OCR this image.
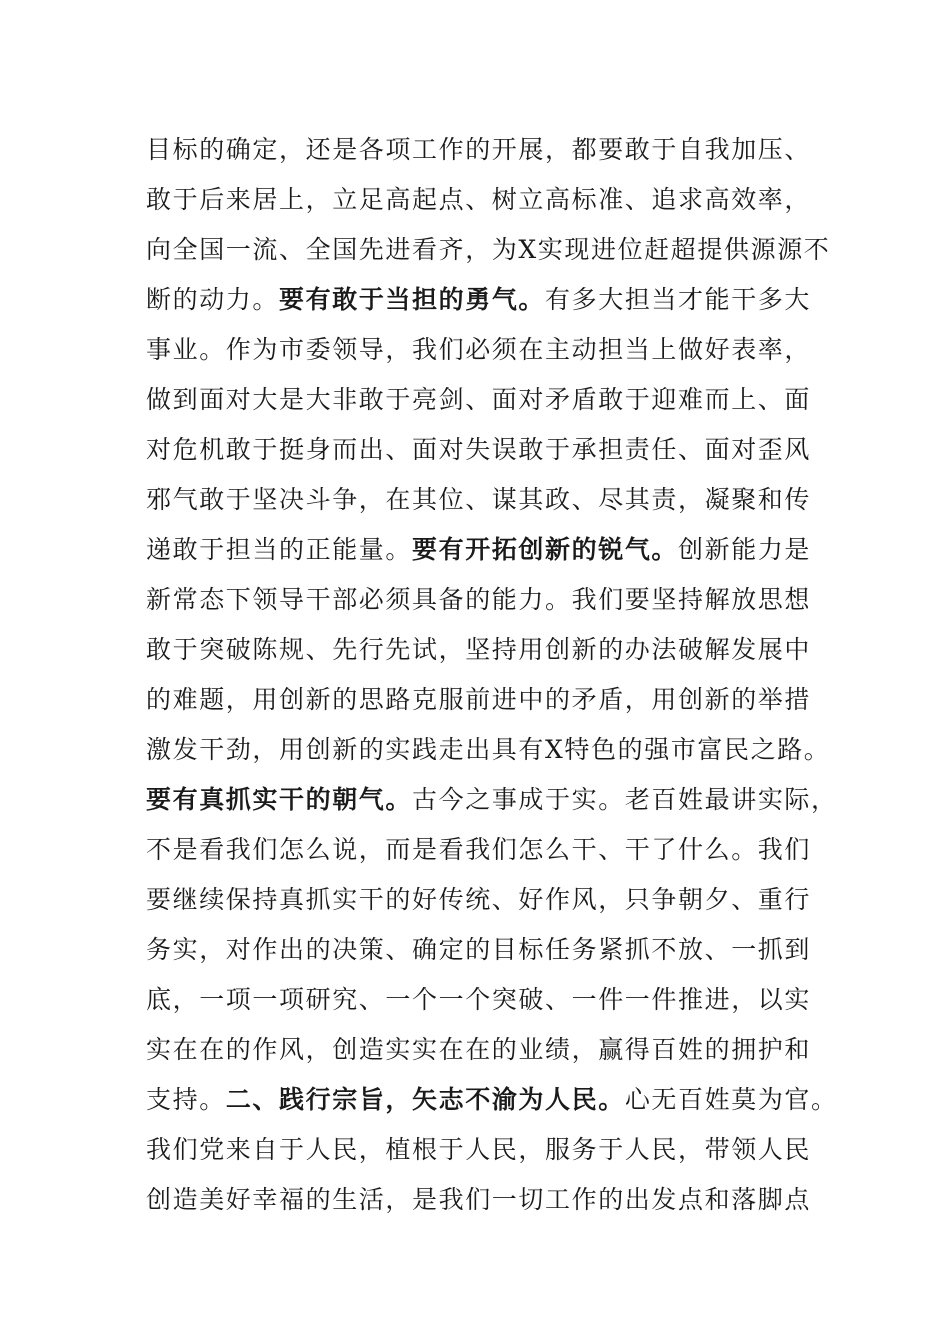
目标的确定，还是各项工作的开展，都要敢于自我加压、
敢于后来居上，立足高起点、树立高标准、追求高效率，
向全国一流、全国先进看齐，为X实现进位赶超提供源源不
断的动力。要有敢于当担的勇气。有多大担当才能干多大
事业。作为市委领导，我们必须在主动担当上做好表率，
做到面对大是大非敢于亮剑、面对矛盾敢于迎难而上、面
对危机敢于挺身而出、面对失误敢于承担责任、面对歪风
邪气敢于坚决斗争，在其位、谋其政、尽其责，凝聚和传
递敢于担当的正能量。要有开拓创新的锐气。创新能力是
新常态下领导干部必须具备的能力。我们要坚持解放思想
敢于突破陈规、先行先试，坚持用创新的办法破解发展中
的难题，用创新的思路克服前进中的矛盾，用创新的举措
激发干劲，用创新的实践走出具有X特色的强市富民之路。
要有真抓实干的朝气。古今之事成于实。老百姓最讲实际，
不是看我们怎么说，而是看我们怎么干、干了什么。我们
要继续保持真抓实干的好传统、好作风，只争朝夕、重行
务实，对作出的决策、确定的目标任务紧抓不放、一抓到
底，一项一项研究、一个一个突破、一件一件推进，以实
实在在的作风，创造实实在在的业绩，赢得百姓的拥护和
支持。二、践行宗旨，矢志不渝为人民。心无百姓莫为官。
我们党来自于人民，植根于人民，服务于人民，带领人民
创造美好幸福的生活，是我们一切工作的出发点和落脚点
